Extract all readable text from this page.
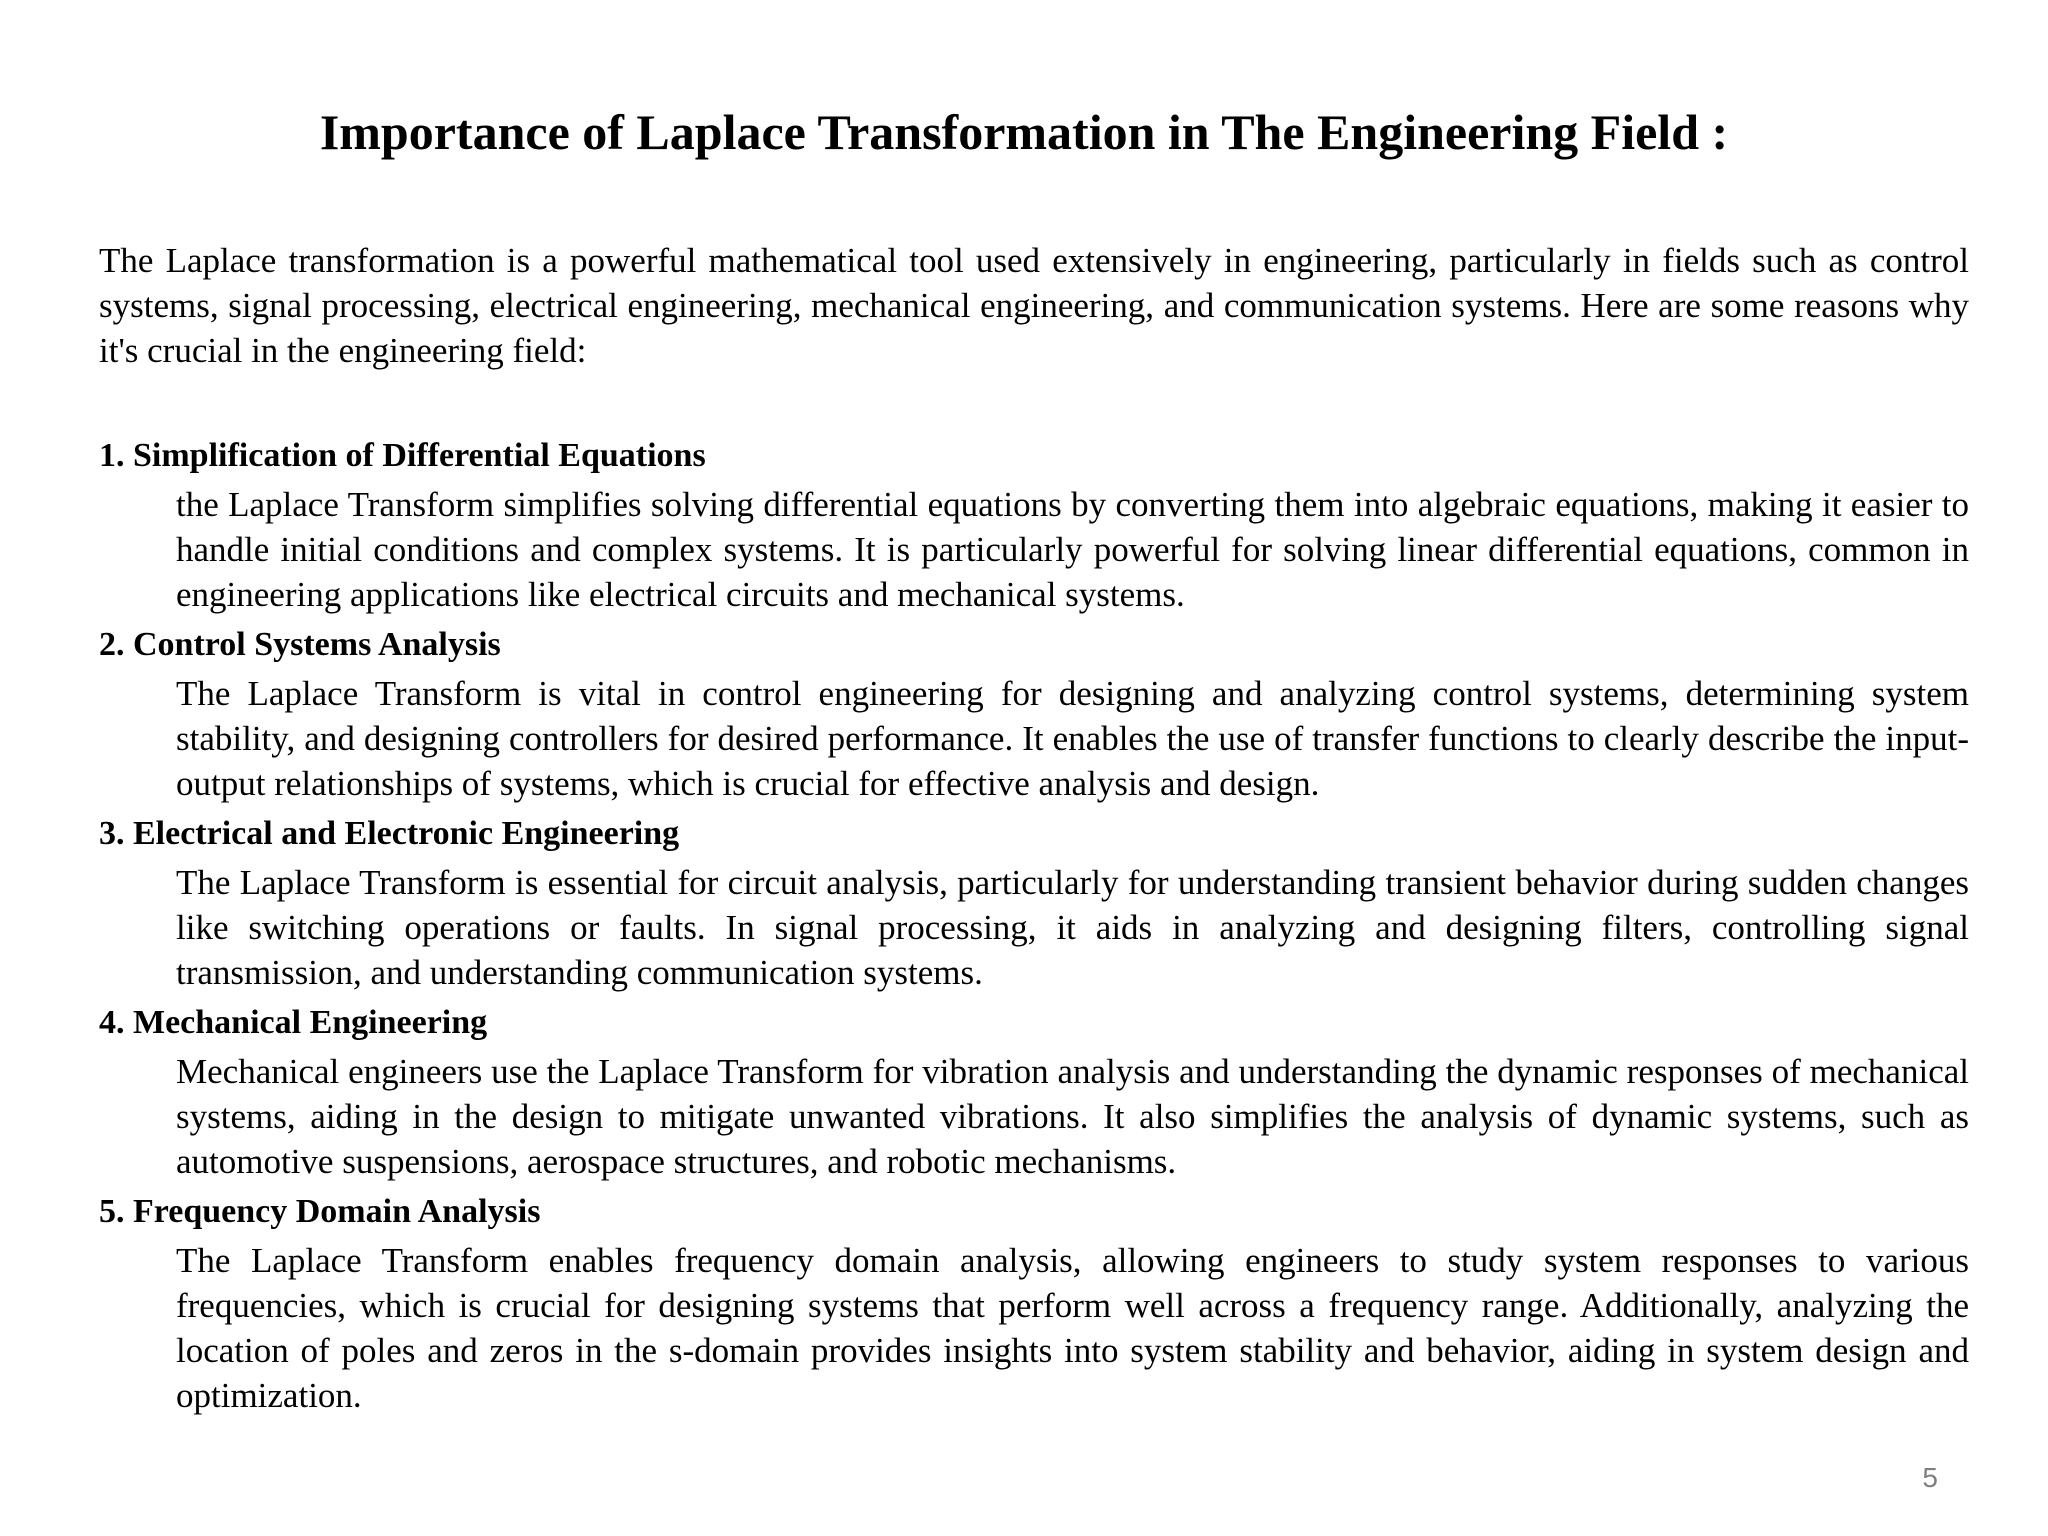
Importance of Laplace Transformation in The Engineering Field :

The Laplace transformation is a powerful mathematical tool used extensively in engineering, particularly in fields such as control systems, signal processing, electrical engineering, mechanical engineering, and communication systems. Here are some reasons why it's crucial in the engineering field:

1. Simplification of Differential Equations

the Laplace Transform simplifies solving differential equations by converting them into algebraic equations, making it easier to handle initial conditions and complex systems. It is particularly powerful for solving linear differential equations, common in engineering applications like electrical circuits and mechanical systems.

2. Control Systems Analysis

The Laplace Transform is vital in control engineering for designing and analyzing control systems, determining system stability, and designing controllers for desired performance. It enables the use of transfer functions to clearly describe the input-output relationships of systems, which is crucial for effective analysis and design.

3. Electrical and Electronic Engineering

The Laplace Transform is essential for circuit analysis, particularly for understanding transient behavior during sudden changes like switching operations or faults. In signal processing, it aids in analyzing and designing filters, controlling signal transmission, and understanding communication systems.

4. Mechanical Engineering

Mechanical engineers use the Laplace Transform for vibration analysis and understanding the dynamic responses of mechanical systems, aiding in the design to mitigate unwanted vibrations. It also simplifies the analysis of dynamic systems, such as automotive suspensions, aerospace structures, and robotic mechanisms.

5. Frequency Domain Analysis

The Laplace Transform enables frequency domain analysis, allowing engineers to study system responses to various frequencies, which is crucial for designing systems that perform well across a frequency range. Additionally, analyzing the location of poles and zeros in the s-domain provides insights into system stability and behavior, aiding in system design and optimization.

5
